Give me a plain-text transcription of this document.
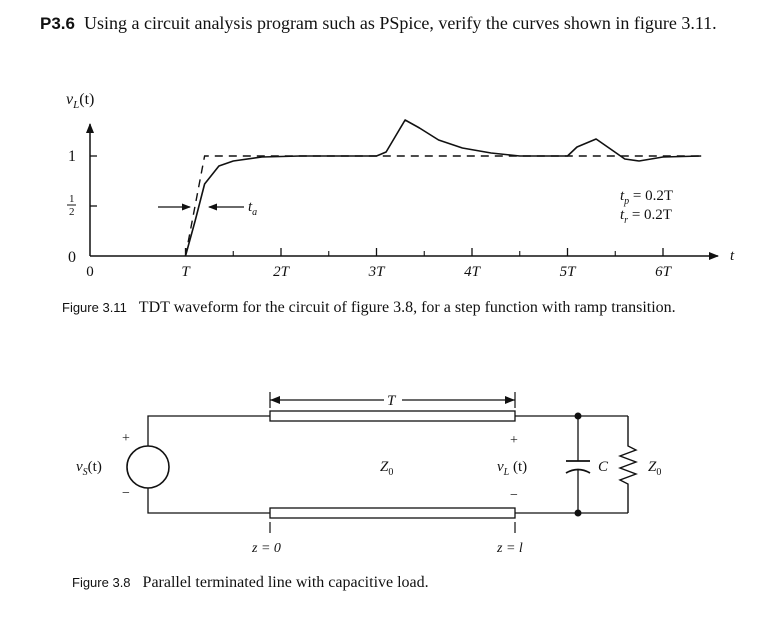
P3.6 Using a circuit analysis program such as PSpice, verify the curves shown in figure 3.11.
$v_L(t)$
t
1
0
1
2
0	T	2T	3T	4T	5T	6T
$t_a$
$t_p = 0.2T$
$t_r = 0.2T$
T
+
−
$v_S(t)$	$Z_0$
+
$v_L$ (t)
−
C	$Z_0$
z = 0	z = l
Figure 3.11 TDT waveform for the circuit of figure 3.8, for a step function with ramp transition.
Figure 3.8 Parallel terminated line with capacitive load.
